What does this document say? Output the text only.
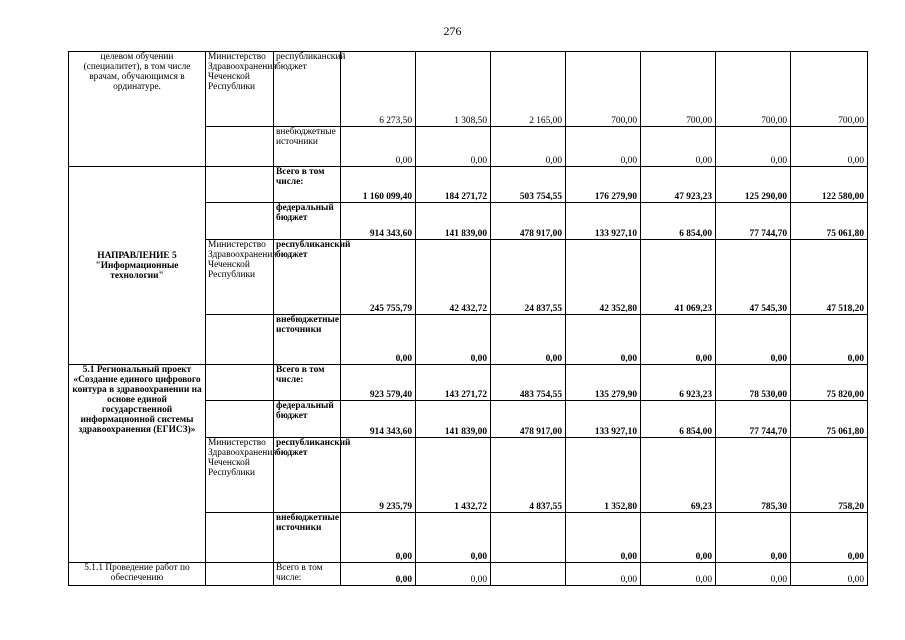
276
целевом обучении (специалитет), в том числе врачам, обучающимся в ординатуре.	Министерство Здравоохранения Чеченской Республики	республиканский бюджет	6 273,50	1 308,50	2 165,00	700,00	700,00	700,00	700,00
		внебюджетные источники	0,00	0,00	0,00	0,00	0,00	0,00	0,00
НАПРАВЛЕНИЕ 5 "Информационные технологии"		Всего в том числе:	1 160 099,40	184 271,72	503 754,55	176 279,90	47 923,23	125 290,00	122 580,00
		федеральный бюджет	914 343,60	141 839,00	478 917,00	133 927,10	6 854,00	77 744,70	75 061,80
	Министерство Здравоохранения Чеченской Республики	республиканский бюджет	245 755,79	42 432,72	24 837,55	42 352,80	41 069,23	47 545,30	47 518,20
		внебюджетные источники	0,00	0,00	0,00	0,00	0,00	0,00	0,00
5.1 Региональный проект «Создание единого цифрового контура в здравоохранении на основе единой государственной информационной системы здравоохранения (ЕГИСЗ)»		Всего в том числе:	923 579,40	143 271,72	483 754,55	135 279,90	6 923,23	78 530,00	75 820,00
		федеральный бюджет	914 343,60	141 839,00	478 917,00	133 927,10	6 854,00	77 744,70	75 061,80
	Министерство Здравоохранения Чеченской Республики	республиканский бюджет	9 235,79	1 432,72	4 837,55	1 352,80	69,23	785,30	758,20
		внебюджетные источники	0,00	0,00		0,00	0,00	0,00	0,00
5.1.1 Проведение работ по обеспечению		Всего в том числе:	0,00	0,00		0,00	0,00	0,00	0,00
